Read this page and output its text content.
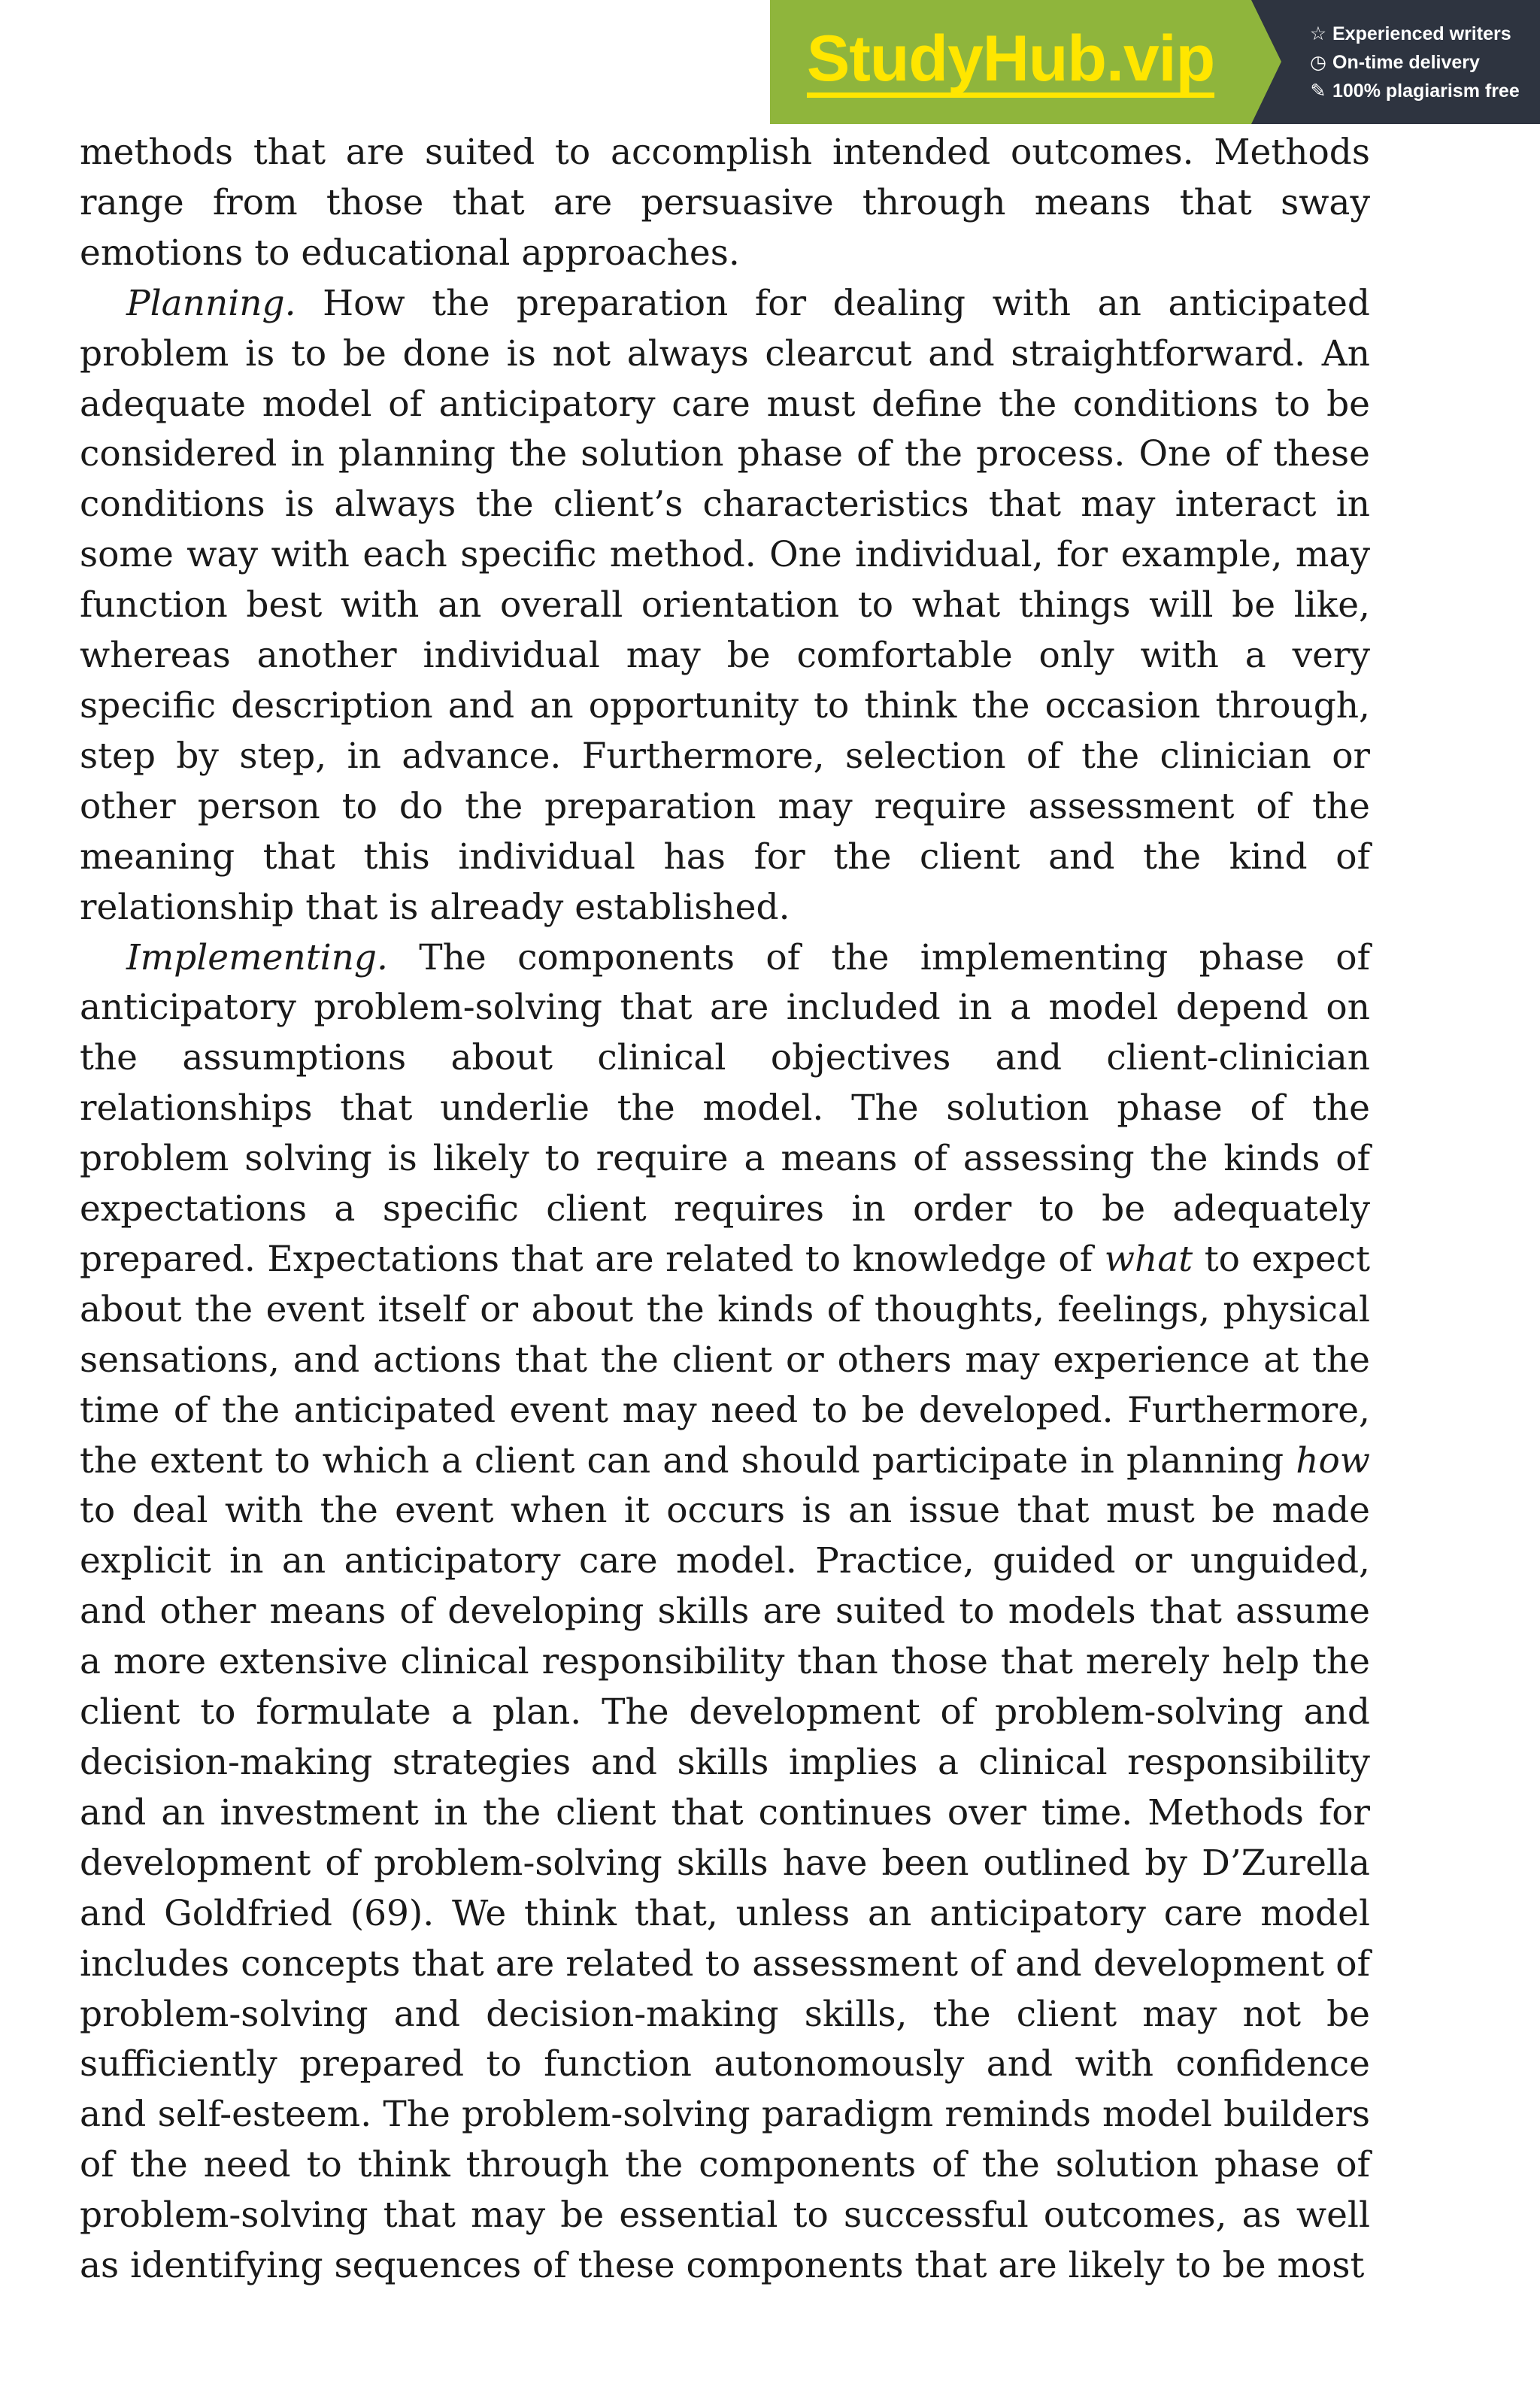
StudyHub.vip	☆ Experienced writers
◷ On-time delivery
✎ 100% plagiarism free

methods that are suited to accomplish intended outcomes. Methods range from those that are persuasive through means that sway emotions to educational approaches.

Planning. How the preparation for dealing with an anticipated problem is to be done is not always clearcut and straightforward. An adequate model of anticipatory care must define the conditions to be considered in planning the solution phase of the process. One of these conditions is always the client’s characteristics that may interact in some way with each specific method. One individual, for example, may function best with an overall orientation to what things will be like, whereas another individual may be comfortable only with a very specific description and an opportunity to think the occasion through, step by step, in advance. Furthermore, selection of the clinician or other person to do the preparation may require assessment of the meaning that this individual has for the client and the kind of relationship that is already established.

Implementing. The components of the implementing phase of anticipatory problem-solving that are included in a model depend on the assumptions about clinical objectives and client-clinician relationships that underlie the model. The solution phase of the problem solving is likely to require a means of assessing the kinds of expectations a specific client requires in order to be adequately prepared. Expectations that are related to knowledge of what to expect about the event itself or about the kinds of thoughts, feelings, physical sensations, and actions that the client or others may experience at the time of the anticipated event may need to be developed. Furthermore, the extent to which a client can and should participate in planning how to deal with the event when it occurs is an issue that must be made explicit in an anticipatory care model. Practice, guided or unguided, and other means of developing skills are suited to models that assume a more extensive clinical responsibility than those that merely help the client to formulate a plan. The development of problem-solving and decision-making strategies and skills implies a clinical responsibility and an investment in the client that continues over time. Methods for development of problem-solving skills have been outlined by D’Zurella and Goldfried (69). We think that, unless an anticipatory care model includes concepts that are related to assessment of and development of problem-solving and decision-making skills, the client may not be sufficiently prepared to function autonomously and with confidence and self-esteem. The problem-solving paradigm reminds model builders of the need to think through the components of the solution phase of problem-solving that may be essential to successful outcomes, as well as identifying sequences of these components that are likely to be most
